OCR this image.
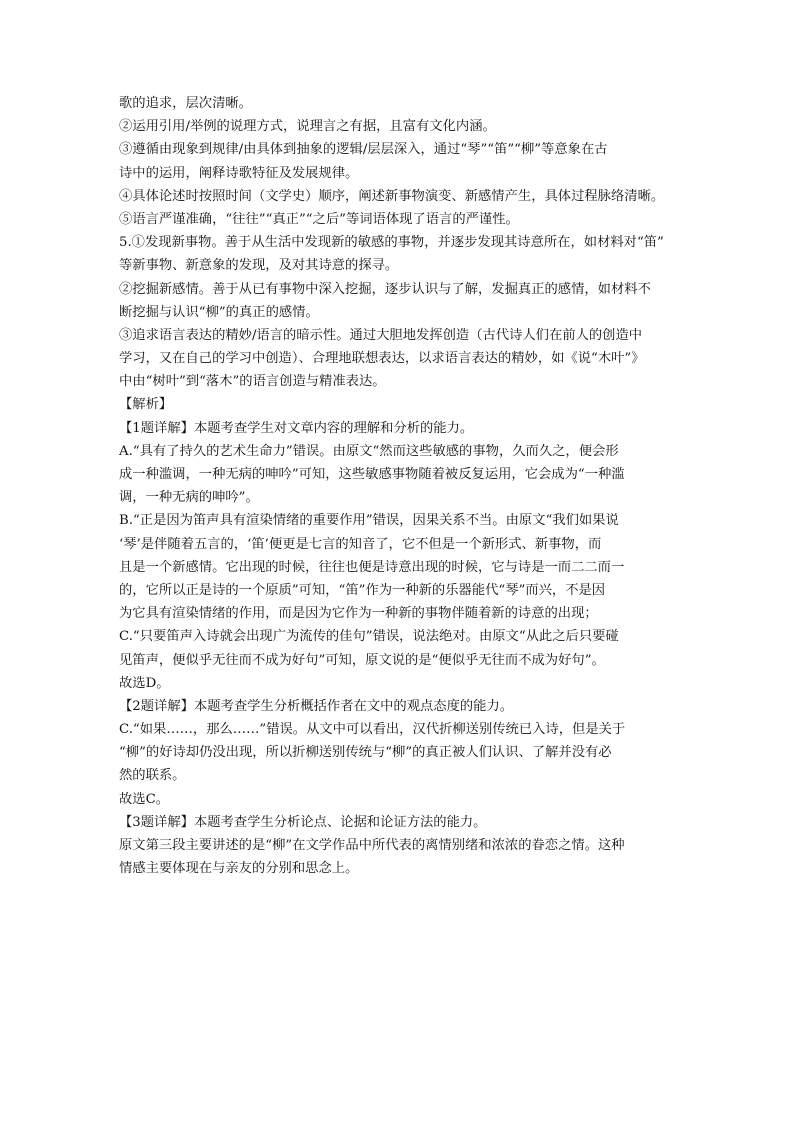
歌的追求，层次清晰。
②运用引用/举例的说理方式，说理言之有据，且富有文化内涵。
③遵循由现象到规律/由具体到抽象的逻辑/层层深入，通过“琴”“笛”“柳”等意象在古
诗中的运用，阐释诗歌特征及发展规律。
④具体论述时按照时间（文学史）顺序，阐述新事物演变、新感情产生，具体过程脉络清晰。
⑤语言严谨准确，“往往”“真正”“之后”等词语体现了语言的严谨性。
5.①发现新事物。善于从生活中发现新的敏感的事物，并逐步发现其诗意所在，如材料对“笛”
等新事物、新意象的发现，及对其诗意的探寻。
②挖掘新感情。善于从已有事物中深入挖掘，逐步认识与了解，发掘真正的感情，如材料不
断挖掘与认识“柳”的真正的感情。
③追求语言表达的精妙/语言的暗示性。通过大胆地发挥创造（古代诗人们在前人的创造中
学习，又在自己的学习中创造）、合理地联想表达，以求语言表达的精妙，如《说“木叶”》
中由“树叶”到“落木”的语言创造与精准表达。
【解析】
【1题详解】本题考查学生对文章内容的理解和分析的能力。
A.“具有了持久的艺术生命力”错误。由原文“然而这些敏感的事物，久而久之，便会形
成一种滥调，一种无病的呻吟”可知，这些敏感事物随着被反复运用，它会成为“一种滥
调，一种无病的呻吟”。
B.“正是因为笛声具有渲染情绪的重要作用”错误，因果关系不当。由原文“我们如果说
‘琴’是伴随着五言的，‘笛’便更是七言的知音了，它不但是一个新形式、新事物，而
且是一个新感情。它出现的时候，往往也便是诗意出现的时候，它与诗是一而二二而一
的，它所以正是诗的一个原质”可知，“笛”作为一种新的乐器能代“琴”而兴，不是因
为它具有渲染情绪的作用，而是因为它作为一种新的事物伴随着新的诗意的出现；
C.“只要笛声入诗就会出现广为流传的佳句”错误，说法绝对。由原文“从此之后只要碰
见笛声，便似乎无往而不成为好句”可知，原文说的是“便似乎无往而不成为好句”。
故选D。
【2题详解】本题考查学生分析概括作者在文中的观点态度的能力。
C.“如果……，那么……”错误。从文中可以看出，汉代折柳送别传统已入诗，但是关于
“柳”的好诗却仍没出现，所以折柳送别传统与“柳”的真正被人们认识、了解并没有必
然的联系。
故选C。
【3题详解】本题考查学生分析论点、论据和论证方法的能力。
原文第三段主要讲述的是“柳”在文学作品中所代表的离情别绪和浓浓的眷恋之情。这种
情感主要体现在与亲友的分别和思念上。
